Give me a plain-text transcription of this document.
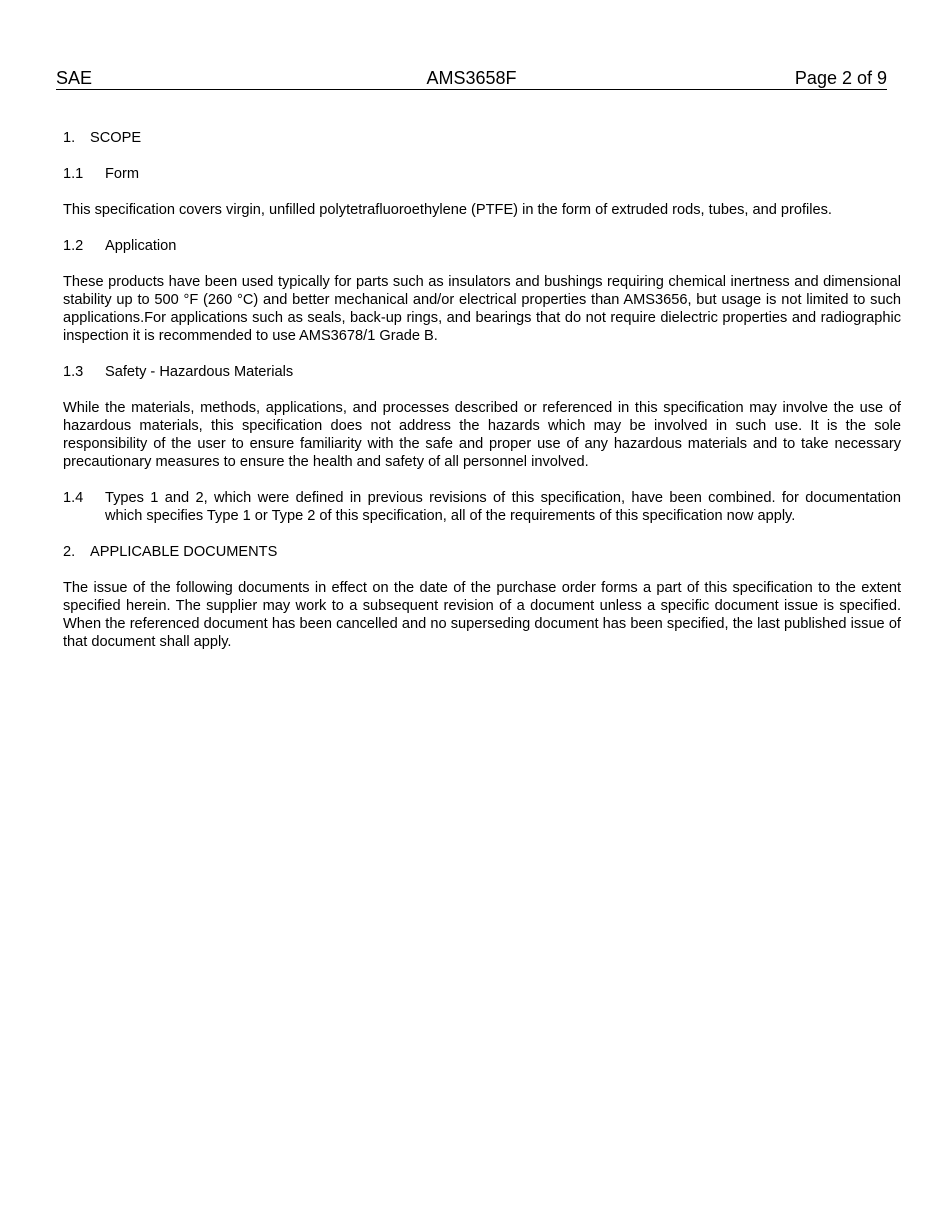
SAE	AMS3658F	Page 2 of 9
1. SCOPE
1.1 Form

This specification covers virgin, unfilled polytetrafluoroethylene (PTFE) in the form of extruded rods, tubes, and profiles.

1.2 Application

These products have been used typically for parts such as insulators and bushings requiring chemical inertness and dimensional stability up to 500 °F (260 °C) and better mechanical and/or electrical properties than AMS3656, but usage is not limited to such applications.For applications such as seals, back-up rings, and bearings that do not require dielectric properties and radiographic inspection it is recommended to use AMS3678/1 Grade B.

1.3 Safety - Hazardous Materials

While the materials, methods, applications, and processes described or referenced in this specification may involve the use of hazardous materials, this specification does not address the hazards which may be involved in such use. It is the sole responsibility of the user to ensure familiarity with the safe and proper use of any hazardous materials and to take necessary precautionary measures to ensure the health and safety of all personnel involved.

1.4	Types 1 and 2, which were defined in previous revisions of this specification, have been combined. for documentation which specifies Type 1 or Type 2 of this specification, all of the requirements of this specification now apply.
2. APPLICABLE DOCUMENTS

The issue of the following documents in effect on the date of the purchase order forms a part of this specification to the extent specified herein. The supplier may work to a subsequent revision of a document unless a specific document issue is specified. When the referenced document has been cancelled and no superseding document has been specified, the last published issue of that document shall apply.
